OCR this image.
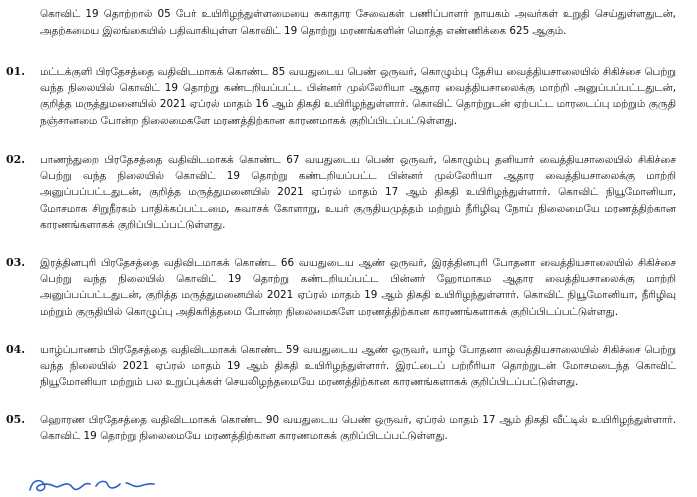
கொவிட் 19 தொற்றால் 05 பேர் உயிரிழந்துள்ளமையை சுகாதார சேவைகள் பணிப்பாளர் நாயகம் அவர்கள் உறுதி செய்துள்ளதுடன், அதற்கமைய இலங்கையில் பதிவாகியுள்ள கொவிட் 19 தொற்று மரணங்களின் மொத்த எண்ணிக்கை 625 ஆகும்.
01.	மட்டக்குளி பிரதேசத்தை வதிவிடமாகக் கொண்ட 85 வயதுடைய பெண் ஒருவர், கொழும்பு தேசிய வைத்தியசாலையில் சிகிச்சை பெற்று வந்த நிலையில் கொவிட் 19 தொற்று கண்டறியப்பட்ட பின்னர் முல்லேரியா ஆதார வைத்தியசாலைக்கு மாற்றி அனுப்பப்பட்டதுடன், குறித்த மருத்துமனையில் 2021 ஏப்ரல் மாதம் 16 ஆம் திகதி உயிரிழந்துள்ளார். கொவிட் தொற்றுடன் ஏற்பட்ட மாரடைப்பு மற்றும் குருதி நஞ்சானமை போன்ற நிலைமைகளே மரணத்திற்கான காரணமாகக் குறிப்பிடப்பட்டுள்ளது.
02.	பாணந்துறை பிரதேசத்தை வதிவிடமாகக் கொண்ட 67 வயதுடைய பெண் ஒருவர், கொழும்பு தனியார் வைத்தியசாலையில் சிகிச்சை பெற்று வந்த நிலையில் கொவிட் 19 தொற்று கண்டறியப்பட்ட பின்னர் முல்லேரியா ஆதார வைத்தியசாலைக்கு மாற்றி அனுப்பப்பட்டதுடன், குறித்த மருத்துமனையில் 2021 ஏப்ரல் மாதம் 17 ஆம் திகதி உயிரிழந்துள்ளார். கொவிட் நியூமோனியா, மோசமாக சிறுநீரகம் பாதிக்கப்பட்டமை, சுவாசக் கோளாறு, உயர் குருதியமுத்தம் மற்றும் நீரிழிவு நோய் நிலைமையே மரணத்திற்கான காரணங்களாகக் குறிப்பிடப்பட்டுள்ளது.
03.	இரத்தினபுரி பிரதேசத்தை வதிவிடமாகக் கொண்ட 66 வயதுடைய ஆண் ஒருவர், இரத்தினபுரி போதனா வைத்தியசாலையில் சிகிச்சை பெற்று வந்த நிலையில் கொவிட் 19 தொற்று கண்டறியப்பட்ட பின்னர் ஹோமாகம ஆதார வைத்தியசாலைக்கு மாற்றி அனுப்பப்பட்டதுடன், குறித்த மருத்துமனையில் 2021 ஏப்ரல் மாதம் 19 ஆம் திகதி உயிரிழந்துள்ளார். கொவிட் நியூமோனியா, நீரிழிவு மற்றும் குருதியில் கொழுப்பு அதிகரித்தமை போன்ற நிலைமைகளே மரணத்திற்கான காரணங்களாகக் குறிப்பிடப்பட்டுள்ளது.
04.	யாழ்ப்பாணம் பிரதேசத்தை வதிவிடமாகக் கொண்ட 59 வயதுடைய ஆண் ஒருவர், யாழ் போதனா வைத்தியசாலையில் சிகிச்சை பெற்று வந்த நிலையில் 2021 ஏப்ரல் மாதம் 19 ஆம் திகதி உயிரிழந்துள்ளார். இரட்டைப் பற்றீரியா தொற்றுடன் மோசமடைந்த கொவிட் நியூமோனியா மற்றும் பல உறுப்புக்கள் செயலிழந்தமையே மரணத்திற்கான காரணங்களாகக் குறிப்பிடப்பட்டுள்ளது.
05.	ஹொரண பிரதேசத்தை வதிவிடமாகக் கொண்ட 90 வயதுடைய பெண் ஒருவர், ஏப்ரல் மாதம் 17 ஆம் திகதி வீட்டில் உயிரிழந்துள்ளார். கொவிட் 19 தொற்று நிலைமையே மரணத்திற்கான காரணமாகக் குறிப்பிடப்பட்டுள்ளது.
